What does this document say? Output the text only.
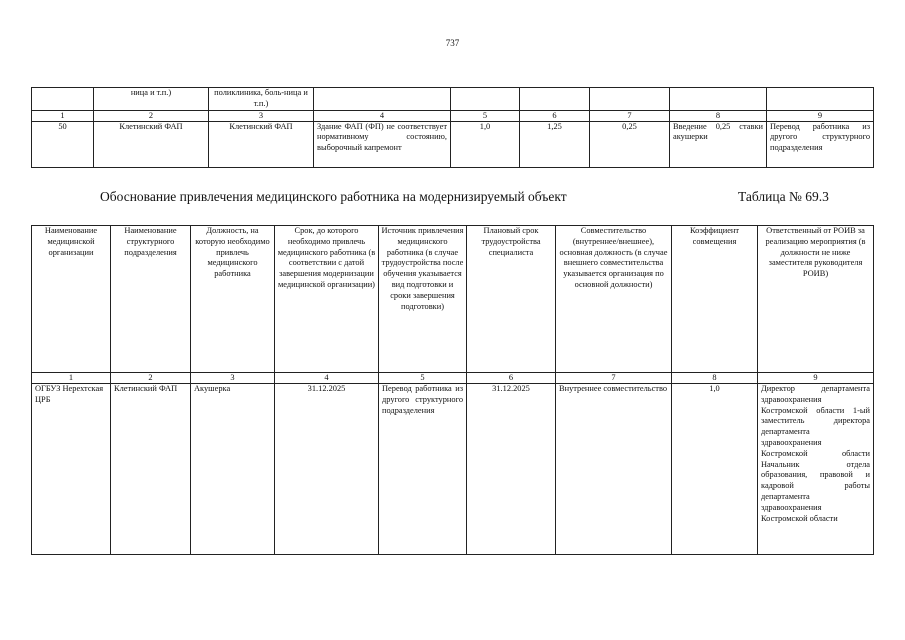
737
	ница и т.п.)	поликлиника, боль-ница и т.п.)						
1	2	3	4	5	6	7	8	9
50	Клетинский ФАП	Клетинский ФАП	Здание ФАП (ФП) не соответствует нормативному состоянию, выборочный капремонт	1,0	1,25	0,25	Введение 0,25 ставки акушерки	Перевод работника из другого структурного подразделения
Обоснование привлечения медицинского работника на модернизируемый объект	Таблица № 69.3
Наименование медицинской организации	Наименование структурного подразделения	Должность, на которую необходимо привлечь медицинского работника	Срок, до которого необходимо привлечь медицинского работника (в соответствии с датой завершения модернизации медицинской организации)	Источник привлечения медицинского работника (в случае трудоустройства после обучения указывается вид подготовки и сроки завершения подготовки)	Плановый срок трудоустройства специалиста	Совместительство (внутреннее/внешнее), основная должность (в случае внешнего совместительства указывается организация по основной должности)	Коэффициент совмещения	Ответственный от РОИВ за реализацию мероприятия (в должности не ниже заместителя руководителя РОИВ)
1	2	3	4	5	6	7	8	9
ОГБУЗ Нерехтская ЦРБ	Клетинский ФАП	Акушерка	31.12.2025	Перевод работника из другого структурного подразделения	31.12.2025	Внутреннее совместительство	1,0	Директор департамента здравоохранения Костромской области 1-ый заместитель директора департамента здравоохранения Костромской области Начальник отдела образования, правовой и кадровой работы департамента здравоохранения Костромской области
